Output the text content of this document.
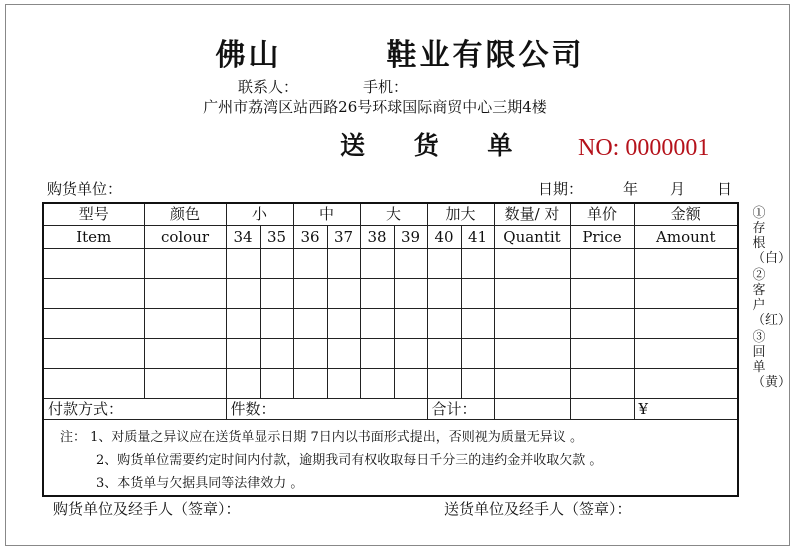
佛山	鞋业有限公司
联系人：	手机：
广州市荔湾区站西路26号环球国际商贸中心三期4楼
送 货 单 NO: 0000001
购货单位：	日期：	年 月 日
型号	颜色	小		中		大		加大		数量/ 对	单价	金额
Item	colour	34	35	36	37	38	39	40	41	Quantit	Price	Amount

付款方式：		件数：						合计：				¥

注： 1、对质量之异议应在送货单显示日期 7日内以书面形式提出，否则视为质量无异议 。
2、购货单位需要约定时间内付款，逾期我司有权收取每日千分三的违约金并收取欠款 。
3、本货单与欠据具同等法律效力 。												
①存根（白）
②客户（红）
③回单（黄）
购货单位及经手人（签章）：	送货单位及经手人（签章）：
